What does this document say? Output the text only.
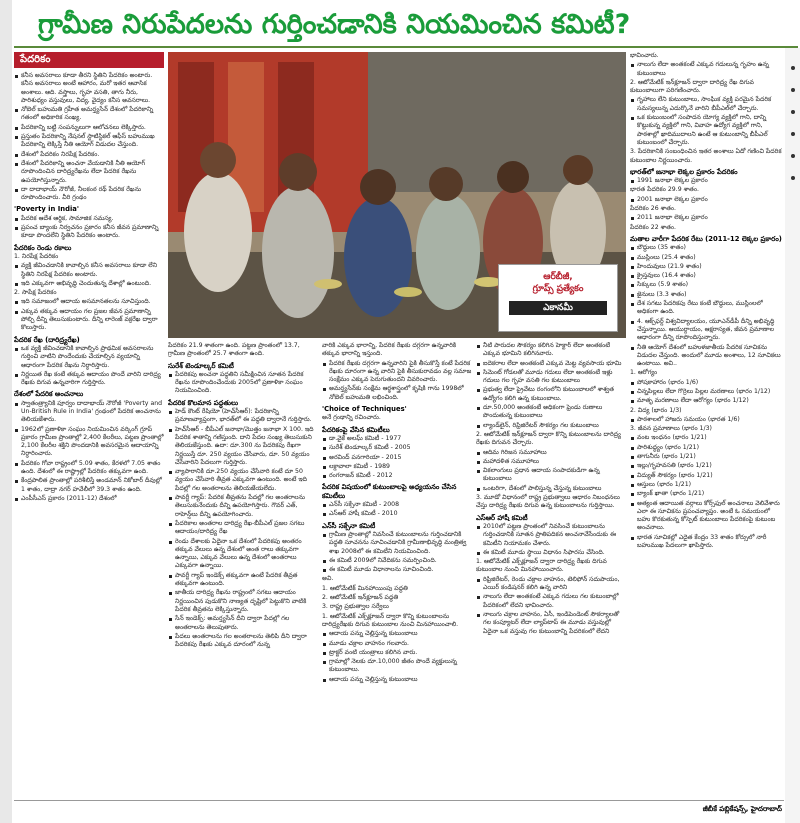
గ్రామీణ నిరుపేదలను గుర్తించడానికి నియమించిన కమిటీ?
పేదరికం
కనీస అవసరాలు కూడా తీరని స్థితిని పేదరికం అంటారు. కనీస అవసరాలు అంటే ఆహారం, మరో ఇతర ఆవాసిక అంశాలు. ఆది. వస్త్రాలు, గృహ వసతి, తాగు నీరు, పారిశుధ్యం వస్తువులు, విద్య, వైద్యం కనీస అవసరాలు.
నోబెల్ బహుమతి గ్రహీత అమర్త్యసేన్ దేశంలో పేదరికాన్ని గతంలో అధికారిక సంఖ్య.
పేదరికాన్ని బట్టి సంపన్నులుగా ఆలోచనలు లెక్కిస్తారు.
ప్రస్తుతం పేదరికాన్ని నేషనల్ స్టాటిస్టికల్ ఆఫీస్ బహుముఖ పేదరికాన్ని లెక్కిస్తే నీతి ఆయోగ్ విడుదల చేస్తుంది.
దేశంలో పేదరికం నిరపేక్ష పేదరికం.
దేశంలో పేదరికాన్ని అంచనా వేయడానికి నీతి ఆయోగ్ రూపొందించిన దారిద్ర్యరేఖను లేదా పేదరిక రేఖను ఉపయోగిస్తున్నారు.
దా దాదాభాయ్ నౌరోజీ, నీలకంఠ రథ్ పేదరిక రేఖను రూపొందించారు. వీరి గ్రంథం
'Poverty in India'
పేదరిక ఆదేశ ఆర్థిక, సామాజిక సమస్య.
ప్రపంచ బ్యాంకు నిర్వచనం ప్రకారం కనీస జీవన ప్రమాణాన్ని కూడా పొందలేని స్థితిని పేదరికం అంటారు.
పేదరికం రెండు రకాలు
1. నిరపేక్ష పేదరికం
వ్యక్తి జీవించడానికి కావాల్సిన కనీస అవసరాలు కూడా లేని స్థితిని నిరపేక్ష పేదరికం అంటారు.
ఇది ఎక్కువగా అభివృద్ధి చెందుతున్న దేశాల్లో ఉంటుంది.
2. సాపేక్ష పేదరికం
ఇది సమాజంలో ఆదాయ అసమానతలను సూచిస్తుంది.
ఎక్కువ తక్కువ ఆదాయం గల ప్రజల జీవన ప్రమాణాన్ని పోల్చి దీన్ని తెలుసుకుంటారు. దీన్ని లారెంజ్ వక్రరేఖ ద్వారా కొలుస్తారు.
పేదరిక రేఖ (దారిద్ర్యరేఖ)
ఒక వ్యక్తి జీవించడానికి కావాల్సిన ప్రాథమిక అవసరాలను గుర్తించి వాటిని పొందేందుకు చేయాల్సిన వ్యయాన్ని ఆధారంగా పేదరిక రేఖను నిర్ధారిస్తారు.
నిర్ణయిత రేఖ కంటే తక్కువ ఆదాయం పొందే వారిని దారిద్ర్య రేఖకు దిగువ ఉన్నవారిగా గుర్తిస్తారు.
దేశంలో పేదరిక అంచనాలు
స్వాతంత్ర్యానికి పూర్వం దాదాభాయ్ నౌరోజీ 'Poverty and Un-British Rule in India' గ్రంథంలో పేదరిక అంచనాను తెలియజేశారు.
1962లో ప్రణాళికా సంఘం నియమించిన వర్కింగ్ గ్రూప్ ప్రకారం గ్రామీణ ప్రాంతాల్లో 2,400 కేలరీలు, పట్టణ ప్రాంతాల్లో 2,100 కేలరీల శక్తిని పొందడానికి అవసరమైన ఆదాయాన్ని నిర్ధారించారు.
పేదరికం గోవా రాష్ట్రంలో 5.09 శాతం, కేరళలో 7.05 శాతం ఉంది. దేశంలో ఈ రాష్ట్రాల్లో పేదరికం తక్కువగా ఉంది.
కేంద్రపాలిత ప్రాంతాల్లో పరిశీలిస్తే అండమాన్ నికోబార్ దీవుల్లో 1 శాతం, దాద్రా నగర్ హవేలీలో 39.3 శాతం ఉంది.
ఎంపీసీఎస్ ప్రకారం (2011-12) దేశంలో
ఆర్‌బీజీ,
గ్రూప్స్ ప్రత్యేకం
ఎకానమీ
పేదరికం 21.9 శాతంగా ఉంది. పట్టణ ప్రాంతంలో 13.7, గ్రామీణ ప్రాంతంలో 25.7 శాతంగా ఉంది.
సురేశ్ టెండూల్కర్ కమిటీ
పేదరికపు అంచనా పద్ధతిని సమీక్షించిన సూతన పేదరిక రేఖను రూపొందించేందుకు 2005లో ప్రణాళికా సంఘం నియమించింది.
పేదరిక కొలమాన పద్ధతులు
హెడ్ కౌంట్ రేషియో (హెచ్‌సీఆర్): పేదరికాన్ని ప్రమాణవ్యాప్తంగా, భారత్‌లో ఈ పద్ధతి ద్వారానే గుర్తిస్తారు.
హెచ్‌సీఆర్ - బీపీఎల్ జనాభా/మొత్తం జనాభా X 100. ఇది పేదరిక శాతాన్ని గణిస్తుంది. దాని పేదల సంఖ్య తెలుసుకుని తెలియజేస్తుంది. ఉదా: దూ.300 ను పేదరికపు రేఖగా నిర్ణయిస్తే దూ. 250 వ్యయం చేసేవారు, దూ. 50 వ్యయం చేసేవారిని పేదలుగా గుర్తిస్తారు.
వ్యాపారానికి దూ.250 వ్యయం చేసేవారి కంటే దూ 50 వ్యయం చేసేవారి తీవ్రత ఎక్కువగా ఉంటుంది. అంటే ఇది పేదల్లో గల అంతరాలను తెలియజేయలేదు.
పావర్టీ గ్యాప్: పేదరిక తీవ్రతను పేదల్లో గల అంతరాలను తెలుసుకునేందుకు దీన్ని ఉపయోగిస్తారు. గౌవర్ ఎత్, రాహెన్ష్‌లు దీన్ని ఉపయోగించారు.
పేదరికాల అంతరాల దారిద్ర్య రేఖ-బీపీఎల్ ప్రజల సగటు ఆదాయం/దారిద్ర్య రేఖ
రెండు దేశాలకు ఏదైనా ఒక దేశంలో పేదరికపు అంతరం తక్కువ వేలులు ఉన్న దేశంలో అంత రాలు తక్కువగా ఉన్నాయి, ఎక్కువ వేలులు ఉన్న దేశంలో అంతరాలు ఎక్కువగా ఉన్నాయి.
పావర్టీ గ్యాప్ ఇండెక్స్ తక్కువగా ఉంటే పేదరిక తీవ్రత తక్కువగా ఉంటుంది.
జాతీయ దారిద్ర్య రేఖను రాష్ట్రంలో సగటు ఆదాయం నిర్ణయించిన పుడుకొని నాణ్యత దృష్టిలో పెట్టుకొని వాటికి పేదరిక తీవ్రతను లెక్కిస్తున్నారు.
సేన్ ఇండెక్స్: అమర్త్యసేన్ దీని ద్వారా పేదల్లో గల అంతరాలను తెలుపుతారు.
పేదలు అంతరాలను గల అంతరాలను తెలిపి దీని ద్వారా పేదరికపు రేఖకు ఎక్కువ దూరంలో నున్న
వారికి ఎక్కువ భారాన్ని, పేదరిక రేఖకు దగ్గరగా ఉన్నవారికి తక్కువ భారాన్ని ఇస్తుంది.
పేదరిక రేఖకు దగ్గరగా ఉన్నవారిని పైకి తీసుకొస్తే కంటే పేదరిక రేఖకు దూరంగా ఉన్న వారిని పైకి తీసుకురావడం వల్ల సమాజ సంక్షేమం ఎక్కువ పెరుగుతుందని వివరించారు.
అమర్త్యసేన్‌కు సంక్షేమ ఆర్థశాస్త్రంలో కృషికి గాను 1998లో నోబెల్ బహుమతి లభించింది.
'Choice of Techniques'
అనే గ్రంథాన్ని రచించారు.
పేదరికంపై వేసిన కమిటీలు
డా.వైకే అలఘ్ కమిటీ - 1977
సురేశ్ టెండూల్కర్ కమిటీ - 2005
అరవింద్ పనగారియా - 2015
లక్డావాలా కమిటీ - 1989
రంగరాజన్ కమిటీ - 2012
పేదరిక విషయంలో కుటుంబాలపై అధ్యయనం చేసిన కమిటీలు
ఎన్‌సీ సక్సేనా కమిటీ - 2008
ఎస్ఆర్ హాషీ కమిటీ - 2010
ఎన్‌సీ సక్సేనా కమిటీ
గ్రామీణ ప్రాంతాల్లో నివసించే కుటుంబాలను గుర్తించడానికి పద్ధతి సూచనను సూచించడానికి గ్రామీణాభివృద్ధి మంత్రిత్వ శాఖ 2008లో ఈ కమిటీని నియమించింది.
ఈ కమిటీ 2009లో నివేదికను సమర్పించింది.
ఈ కమిటీ మూడు విధానాలను సూచించింది.
అవి.
1. ఆటోమేటిక్ మినహాయింపు పద్ధతి
2. ఆటోమేటిక్ ఇన్‌క్లూజన్ పద్ధతి
3. రాష్ట్ర ప్రభుత్వాల సర్వేలు
1. ఆటోమేటిక్ ఎక్స్‌క్లూజన్ ద్వారా కొన్ని కుటుంబాలను దారిద్ర్యరేఖకు దిగువ కుటుంబాల నుంచి మినహాయించాలి.
ఆదాయ పన్ను చెల్లిస్తున్న కుటుంబాలు
మూడు చక్రాల వాహనం గలవారు.
ట్రాక్టర్ వంటి యంత్రాలు కలిగిన వారు.
గ్రామాల్లో నెలకు దూ.10,000 జీతం పొందే వ్యక్తులున్న కుటుంబాలు.
ఆదాయ పన్ను చెల్లిస్తున్న కుటుంబాలు
నీటి పారుదల సౌకర్యం కలిగిన హెక్టార్ లేదా అంతకంటే ఎక్కువ భూమిని కలిగినవారు.
ఐదెకరాల లేదా అంతకంటే ఎక్కువ మెట్ట వ్యవసాయ భూమి
సిమెంట్ గోడలతో మూడు గదులు లేదా అంతకంటే ఇళ్లు గదులు గల గృహ వసతి గల కుటుంబాలు
ప్రభుత్వ లేదా ప్రైవేటు రంగంలోని కుటుంబాలలో శాశ్వత ఉద్యోగం కలిగి ఉన్న కుటుంబాలు.
దూ.50,000 అంతకంటే అధికంగా ఫ్రెండు రుణాలు పొందుతున్న కుటుంబాలు
ల్యాండ్‌లైన్, రిఫ్రిజిరేటర్ సౌకర్యం గల కుటుంబాలు
2. ఆటోమేటిక్ ఇన్‌క్లూజన్ ద్వారా కొన్ని కుటుంబాలను దారిద్ర్య రేఖకు దిగువన చేర్చారు.
ఆదిమ గిరిజన సమూహాలు
మహాదళిత సమూహాలు
వికలాంగులు ప్రధాన ఆదాయ సంపాదకుడిగా ఉన్న కుటుంబాలు
ఒంటరిగా, దేశంలో పాలిస్తున్న చేస్తున్న కుటుంబాలు
3. మూడో విధానంలో రాష్ట్ర ప్రభుత్వాలు ఆధారం నిబంధనలు చేస్తు దారిద్ర్య రేఖకు దిగువ ఉన్న కుటుంబాలను గుర్తిస్తాయి.
ఎస్ఆర్ హాషీ కమిటీ
2010లో పట్టణ ప్రాంతంలో నివసించే కుటుంబాలను గుర్తించడానికి సూతన ప్రాతిపదికన అంచనావేసేందుకు ఈ కమిటీని నియామకం చేశారు.
ఈ కమిటీ మూడు స్థాయి విధానం సిఫారసు చేసింది.
1. ఆటోమేటిక్ ఎక్స్‌క్లూజన్ ద్వారా దారిద్ర్య రేఖకు దిగువ కుటుంబాల నుంచి మినహాయించారు.
రిఫ్రిజిరేటర్, రెండు చక్రాల వాహనం, టెలిఫోన్ సదుపాయం, ఎయిర్‌ కండిషనర్ కలిగి ఉన్న వారిని
నాలుగు లేదా అంతకంటే ఎక్కువ గదులు గల కుటుంబాల్లో పేదరికంలో లేదని భావించారు.
నాలుగు చక్రాల వాహనం, ఏసీ, ఇండిపెండెంట్ సౌకర్యాలతో గల కంప్యూటర్ లేదా ల్యాప్‌టాప్ ఈ మూడు వస్తువుల్లో ఏదైనా ఒక వస్తువు గల కుటుంబాన్ని పేదరికంలో లేదని
భావించారు.
నాలుగు లేదా అంతకంటే ఎక్కువ గదులున్న గృహం ఉన్న కుటుంబాలు
2. ఆటోమేటిక్ ఇన్‌క్లూజన్ ద్వారా దారిద్ర్య రేఖ దిగువ కుటుంబాలుగా పరిగణించారు.
గృహాలు లేని కుటుంబాలు, సాంఘిక వ్యక్తి పరమైన పేదరిక సమస్యలున్న ఎదుర్కొనే వారిని బీపీఎల్‌లో చేర్చారు.
ఒక కుటుంబంలో సంపాదన యోగ్య వ్యక్తిలో గాని, దాన్ని కొట్టుకున్న వ్యక్తిలో గాని, వివాహ ఉద్యోగ వ్యక్తిలో గాని, పాఠశాల్లో ఖాదిముదాలని ఉంటే ఆ కుటుంబాన్ని బీపీఎల్ కుటుంబంలో చేర్చారు.
3. పేదరికానికి సంబంధించిన ఇతర అంశాలు ఏదో గణించి పేదరిక కుటుంబాల నిర్ణయించారు.
భారత్‌లో జనాభా లెక్కల ప్రకారం పేదరికం
1991 జనాభా లెక్కల ప్రకారం
భారత పేదరికం 29.9 శాతం.
2001 జనాభా లెక్కల ప్రకారం
పేదరికం 26 శాతం.
2011 జనాభా లెక్కల ప్రకారం
పేదరికం 22 శాతం.
మతాల వారీగా పేదరిక రేటు (2011-12 లెక్కల ప్రకారం)
బౌద్ధులు (35 శాతం)
ముస్లింలు (25.4 శాతం)
హిందువులు (21.9 శాతం)
క్రైస్తవులు (16.4 శాతం)
సిక్కులు (5.9 శాతం)
జైనులు (3.3 శాతం)
దేశ సగటు పేదరికపు రేటు కంటే బౌద్ధులు, ముస్లింలలో అధికంగా ఉంది.
4. ఆక్స్‌ఫర్డ్ విశ్వవిద్యాలయం, యూఎన్‌డీపీ దీన్ని అభివృద్ధి చేస్తున్నాయి. ఆయుర్దాయం, ఆక్షరాస్యత, జీవన ప్రమాణాల ఆధారంగా దీన్ని రూపొందిస్తున్నారు.
నీతి ఆయోగ్ దేశంలో బహుళజాతీయ పేదరిక సూచికను విడుదల చేస్తుంది. అందులో మూడు అంశాలు, 12 సూచికలు ఉంటాయి. అవి..
1. ఆరోగ్యం
పోషకాహారం (భారం 1/6)
చిన్నపిల్లలు లేదా గొర్రెలు పిల్లల మరణాలు (భారం 1/12)
మాతృ మరణాలు లేదా ఆరోగ్యం (భారం 1/12)
2. విద్య (భారం 1/3)
పాఠశాలలో హాజరు సమయం (భారత 1/6)
3. జీవన ప్రమాణాలు (భారం 1/3)
వంట ఇంధనం (భారం 1/21)
పారిశుద్ధ్యం (భారం 1/21)
తాగునీరు (భారం 1/21)
ఇల్లు/గృహవసతి (భారం 1/21)
విద్యుత్ సౌకర్యం (భారం 1/21)
ఆస్తులు (భారం 1/21)
బ్యాంక్ ఖాతా (భారం 1/21)
అత్యంత ఆదాయిత వర్గాలు కోర్స్‌ఫుల్ అంచనాలు వెలివేశారు ఎలా ఈ సూచికను ప్రపంచవ్యాప్తం. అంటే ఓ సమయంలో బహు కొరకుతున్న కోస్పెట్ కుటుంబాలు పేదరికంపై కుటుంబ అంచనాలు.
భారత సూచికల్లో ఎదైత కేంద్రం 33 శాతం కోర్సులో నారీ బహుముఖ పేదలుగా ఖాపిస్తారు.
జీబీకే పబ్లికేషన్స్, హైదరాబాద్
